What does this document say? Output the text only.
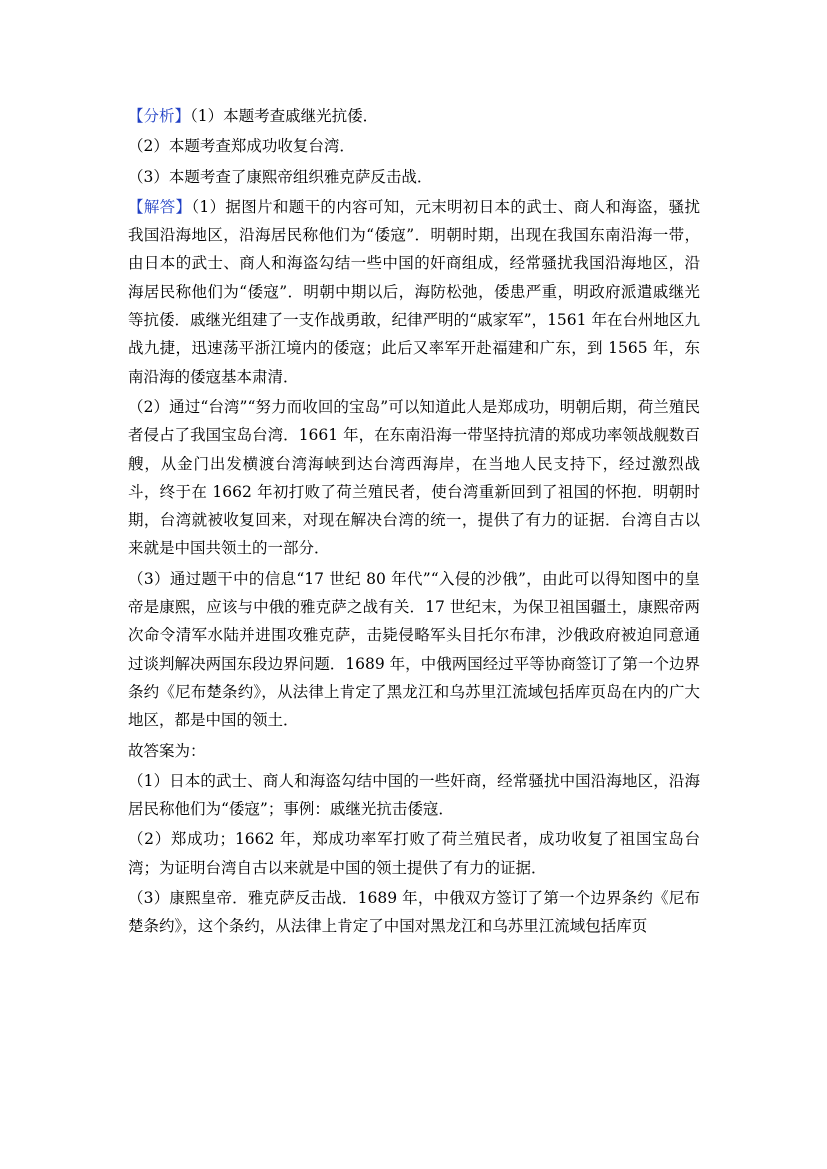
【分析】（1）本题考查戚继光抗倭．

（2）本题考查郑成功收复台湾．

（3）本题考查了康熙帝组织雅克萨反击战．

【解答】（1）据图片和题干的内容可知，元末明初日本的武士、商人和海盗，骚扰我国沿海地区，沿海居民称他们为“倭寇”．明朝时期，出现在我国东南沿海一带，由日本的武士、商人和海盗勾结一些中国的奸商组成，经常骚扰我国沿海地区，沿海居民称他们为“倭寇”．明朝中期以后，海防松弛，倭患严重，明政府派遣戚继光等抗倭．戚继光组建了一支作战勇敢，纪律严明的“戚家军”，1561 年在台州地区九战九捷，迅速荡平浙江境内的倭寇；此后又率军开赴福建和广东，到 1565 年，东南沿海的倭寇基本肃清．

（2）通过“台湾”“努力而收回的宝岛”可以知道此人是郑成功，明朝后期，荷兰殖民者侵占了我国宝岛台湾．1661 年，在东南沿海一带坚持抗清的郑成功率领战舰数百艘，从金门出发横渡台湾海峡到达台湾西海岸，在当地人民支持下，经过激烈战斗，终于在 1662 年初打败了荷兰殖民者，使台湾重新回到了祖国的怀抱．明朝时期，台湾就被收复回来，对现在解决台湾的统一，提供了有力的证据．台湾自古以来就是中国共领土的一部分．

（3）通过题干中的信息“17 世纪 80 年代”“入侵的沙俄”，由此可以得知图中的皇帝是康熙，应该与中俄的雅克萨之战有关．17 世纪末，为保卫祖国疆土，康熙帝两次命令清军水陆并进围攻雅克萨，击毙侵略军头目托尔布津，沙俄政府被迫同意通过谈判解决两国东段边界问题．1689 年，中俄两国经过平等协商签订了第一个边界条约《尼布楚条约》，从法律上肯定了黑龙江和乌苏里江流域包括库页岛在内的广大地区，都是中国的领土．

故答案为：

（1）日本的武士、商人和海盗勾结中国的一些奸商，经常骚扰中国沿海地区，沿海居民称他们为“倭寇”；事例：戚继光抗击倭寇．

（2）郑成功；1662 年，郑成功率军打败了荷兰殖民者，成功收复了祖国宝岛台湾；为证明台湾自古以来就是中国的领土提供了有力的证据．

（3）康熙皇帝．雅克萨反击战．1689 年，中俄双方签订了第一个边界条约《尼布楚条约》，这个条约，从法律上肯定了中国对黑龙江和乌苏里江流域包括库页
